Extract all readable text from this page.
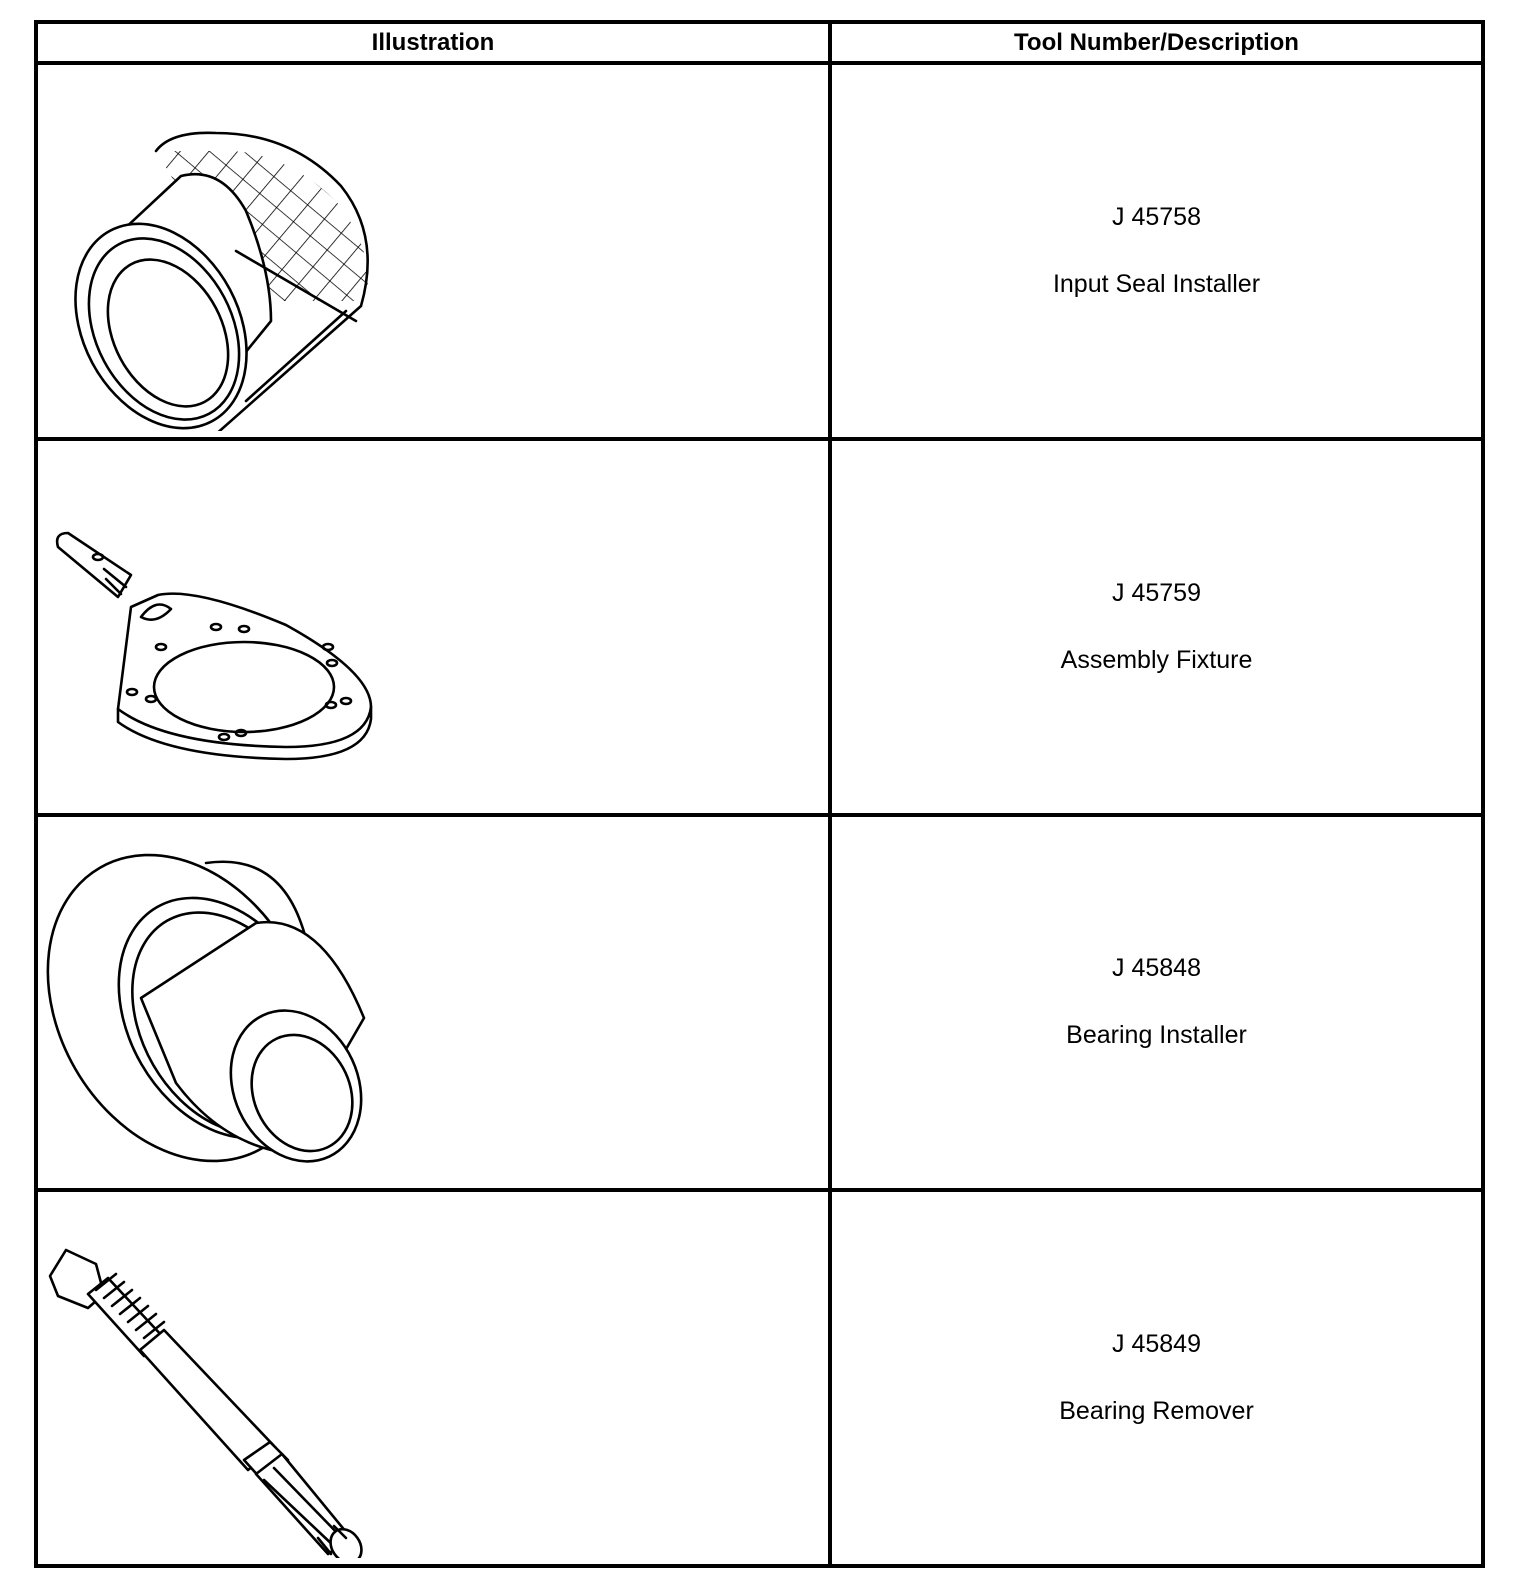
Illustration	Tool Number/Description

J 45758
Input Seal Installer

J 45759
Assembly Fixture

J 45848
Bearing Installer

J 45849
Bearing Remover
